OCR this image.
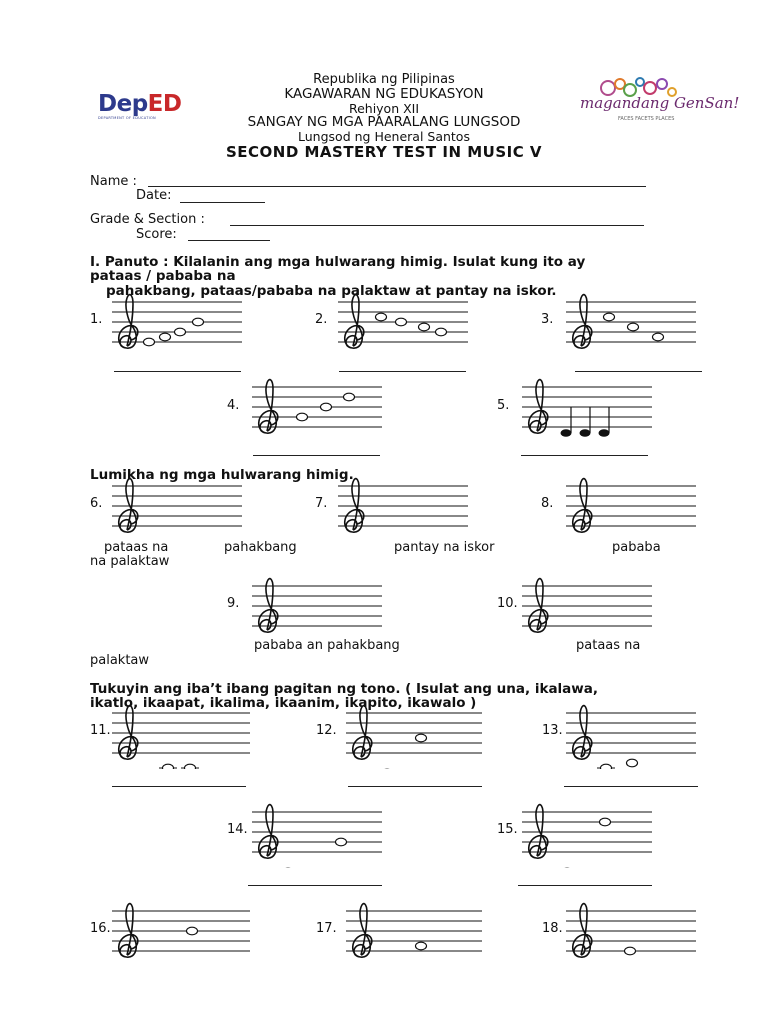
DepED
DEPARTMENT OF EDUCATION
magandang GenSan!
FACES FACETS PLACES
Republika ng Pilipinas
KAGAWARAN NG EDUKASYON
Rehiyon XII
SANGAY NG MGA PAARALANG LUNGSOD
Lungsod ng Heneral Santos
SECOND MASTERY TEST IN MUSIC V
Name :
Date:
Grade & Section :
Score:
I. Panuto : Kilalanin ang mga hulwarang himig. Isulat kung ito ay
pataas / pababa na
pahakbang, pataas/pababa na palaktaw at pantay na iskor.
1.	2.	3.
4.	5.
Lumikha ng mga hulwarang himig.
6.	7.	8.
9.	10.
pataas na	pahakbang	pantay na iskor	pababa
na palaktaw
pababa an pahakbang	pataas na
palaktaw
Tukuyin ang iba’t ibang pagitan ng tono. ( Isulat ang una, ikalawa,
ikatlo, ikaapat, ikalima, ikaanim, ikapito, ikawalo )
11.	12.	13.
14.	15.
16.	17.	18.
